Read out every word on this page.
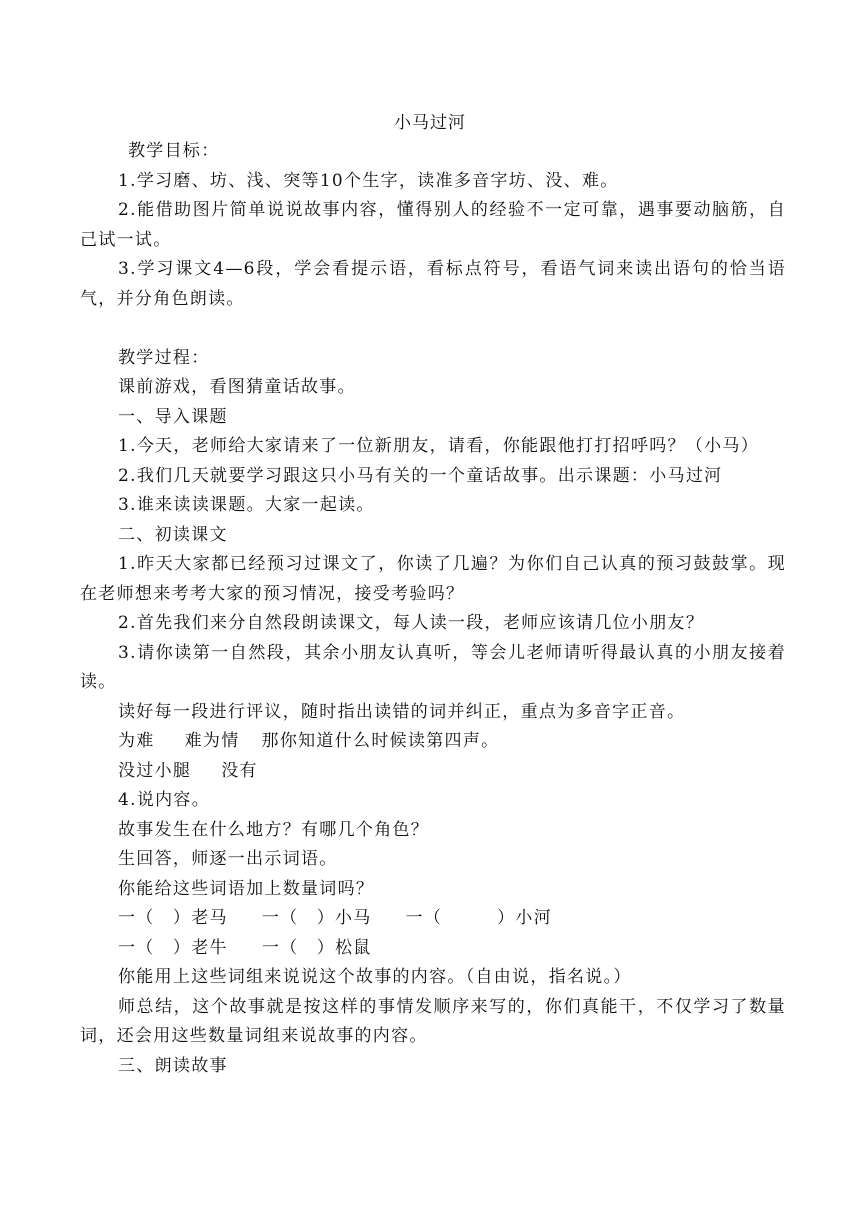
小马过河

教学目标：

1.学习磨、坊、浅、突等10个生字，读准多音字坊、没、难。

2.能借助图片简单说说故事内容，懂得别人的经验不一定可靠，遇事要动脑筋，自己试一试。

3.学习课文4—6段，学会看提示语，看标点符号，看语气词来读出语句的恰当语气，并分角色朗读。

教学过程：

课前游戏，看图猜童话故事。

一、导入课题

1.今天，老师给大家请来了一位新朋友，请看，你能跟他打打招呼吗？（小马）

2.我们几天就要学习跟这只小马有关的一个童话故事。出示课题：小马过河

3.谁来读读课题。大家一起读。

二、初读课文

1.昨天大家都已经预习过课文了，你读了几遍？为你们自己认真的预习鼓鼓掌。现在老师想来考考大家的预习情况，接受考验吗？

2.首先我们来分自然段朗读课文，每人读一段，老师应该请几位小朋友？

3.请你读第一自然段，其余小朋友认真听，等会儿老师请听得最认真的小朋友接着读。

读好每一段进行评议，随时指出读错的词并纠正，重点为多音字正音。

为难 难为情 那你知道什么时候读第四声。

没过小腿 没有

4.说内容。

故事发生在什么地方？有哪几个角色？

生回答，师逐一出示词语。

你能给这些词语加上数量词吗？

一（　）老马 一（　）小马 一（　　　）小河

一（　）老牛 一（　）松鼠

你能用上这些词组来说说这个故事的内容。（自由说，指名说。）

师总结，这个故事就是按这样的事情发顺序来写的，你们真能干，不仅学习了数量词，还会用这些数量词组来说故事的内容。

三、朗读故事
